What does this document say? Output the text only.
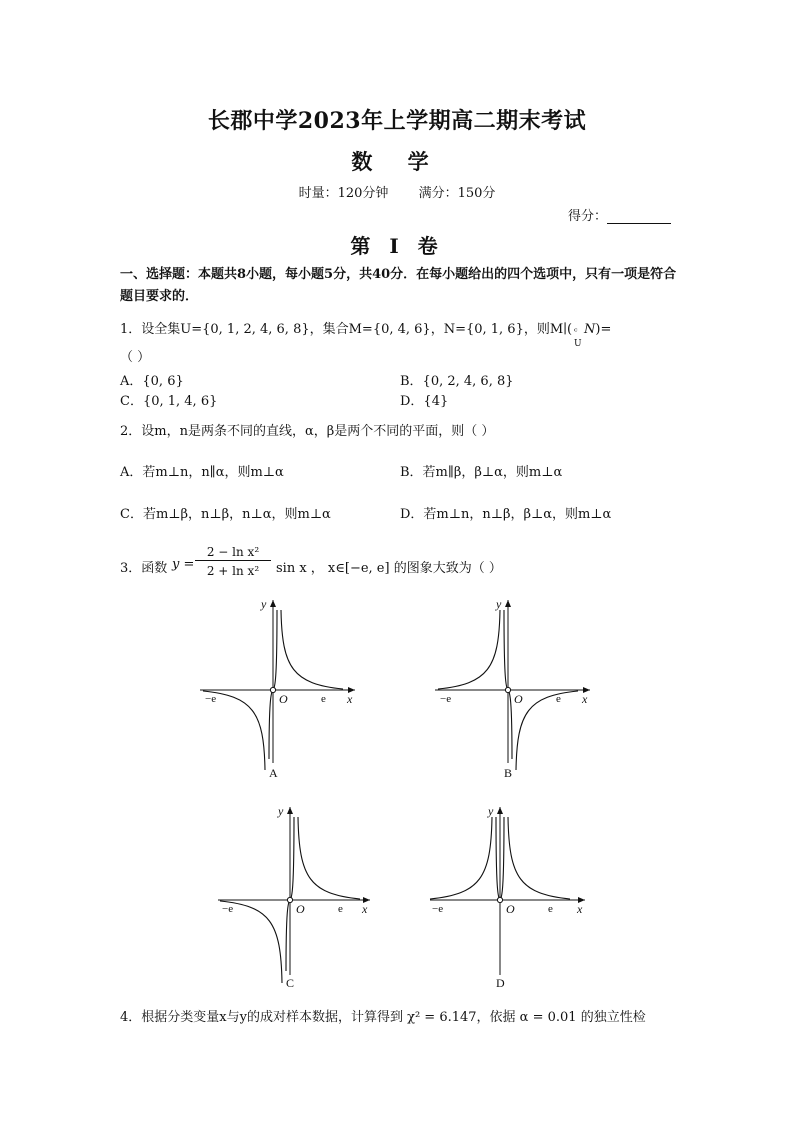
长郡中学2023年上学期高二期末考试
数 学
时量：120分钟 满分：150分
得分：
第 I 卷
一、选择题：本题共8小题，每小题5分，共40分．在每小题给出的四个选项中，只有一项是符合题目要求的．
1．设全集U={0, 1, 2, 4, 6, 8}，集合M={0, 4, 6}，N={0, 1, 6}，则M∣( ᶜ
U
N)=
（ ）
A．{0, 6}	B．{0, 2, 4, 6, 8}
C．{0, 1, 4, 6}	D．{4}
2．设m，n是两条不同的直线，α，β是两个不同的平面，则（ ）
A．若m⊥n，n∥α，则m⊥α	B．若m∥β，β⊥α，则m⊥α
C．若m⊥β，n⊥β，n⊥α，则m⊥α	D．若m⊥n，n⊥β，β⊥α，则m⊥α
3．函数 y =
2 − ln x²
2 + ln x²	sin x ， x∈[−e, e] 的图象大致为（ ）
−e	O	e x
y
A
−e	O	e x
y
B
−e	O	e x
y
C
−e	O	e x
y
D
4．根据分类变量x与y的成对样本数据，计算得到 χ² = 6.147，依据 α = 0.01 的独立性检
